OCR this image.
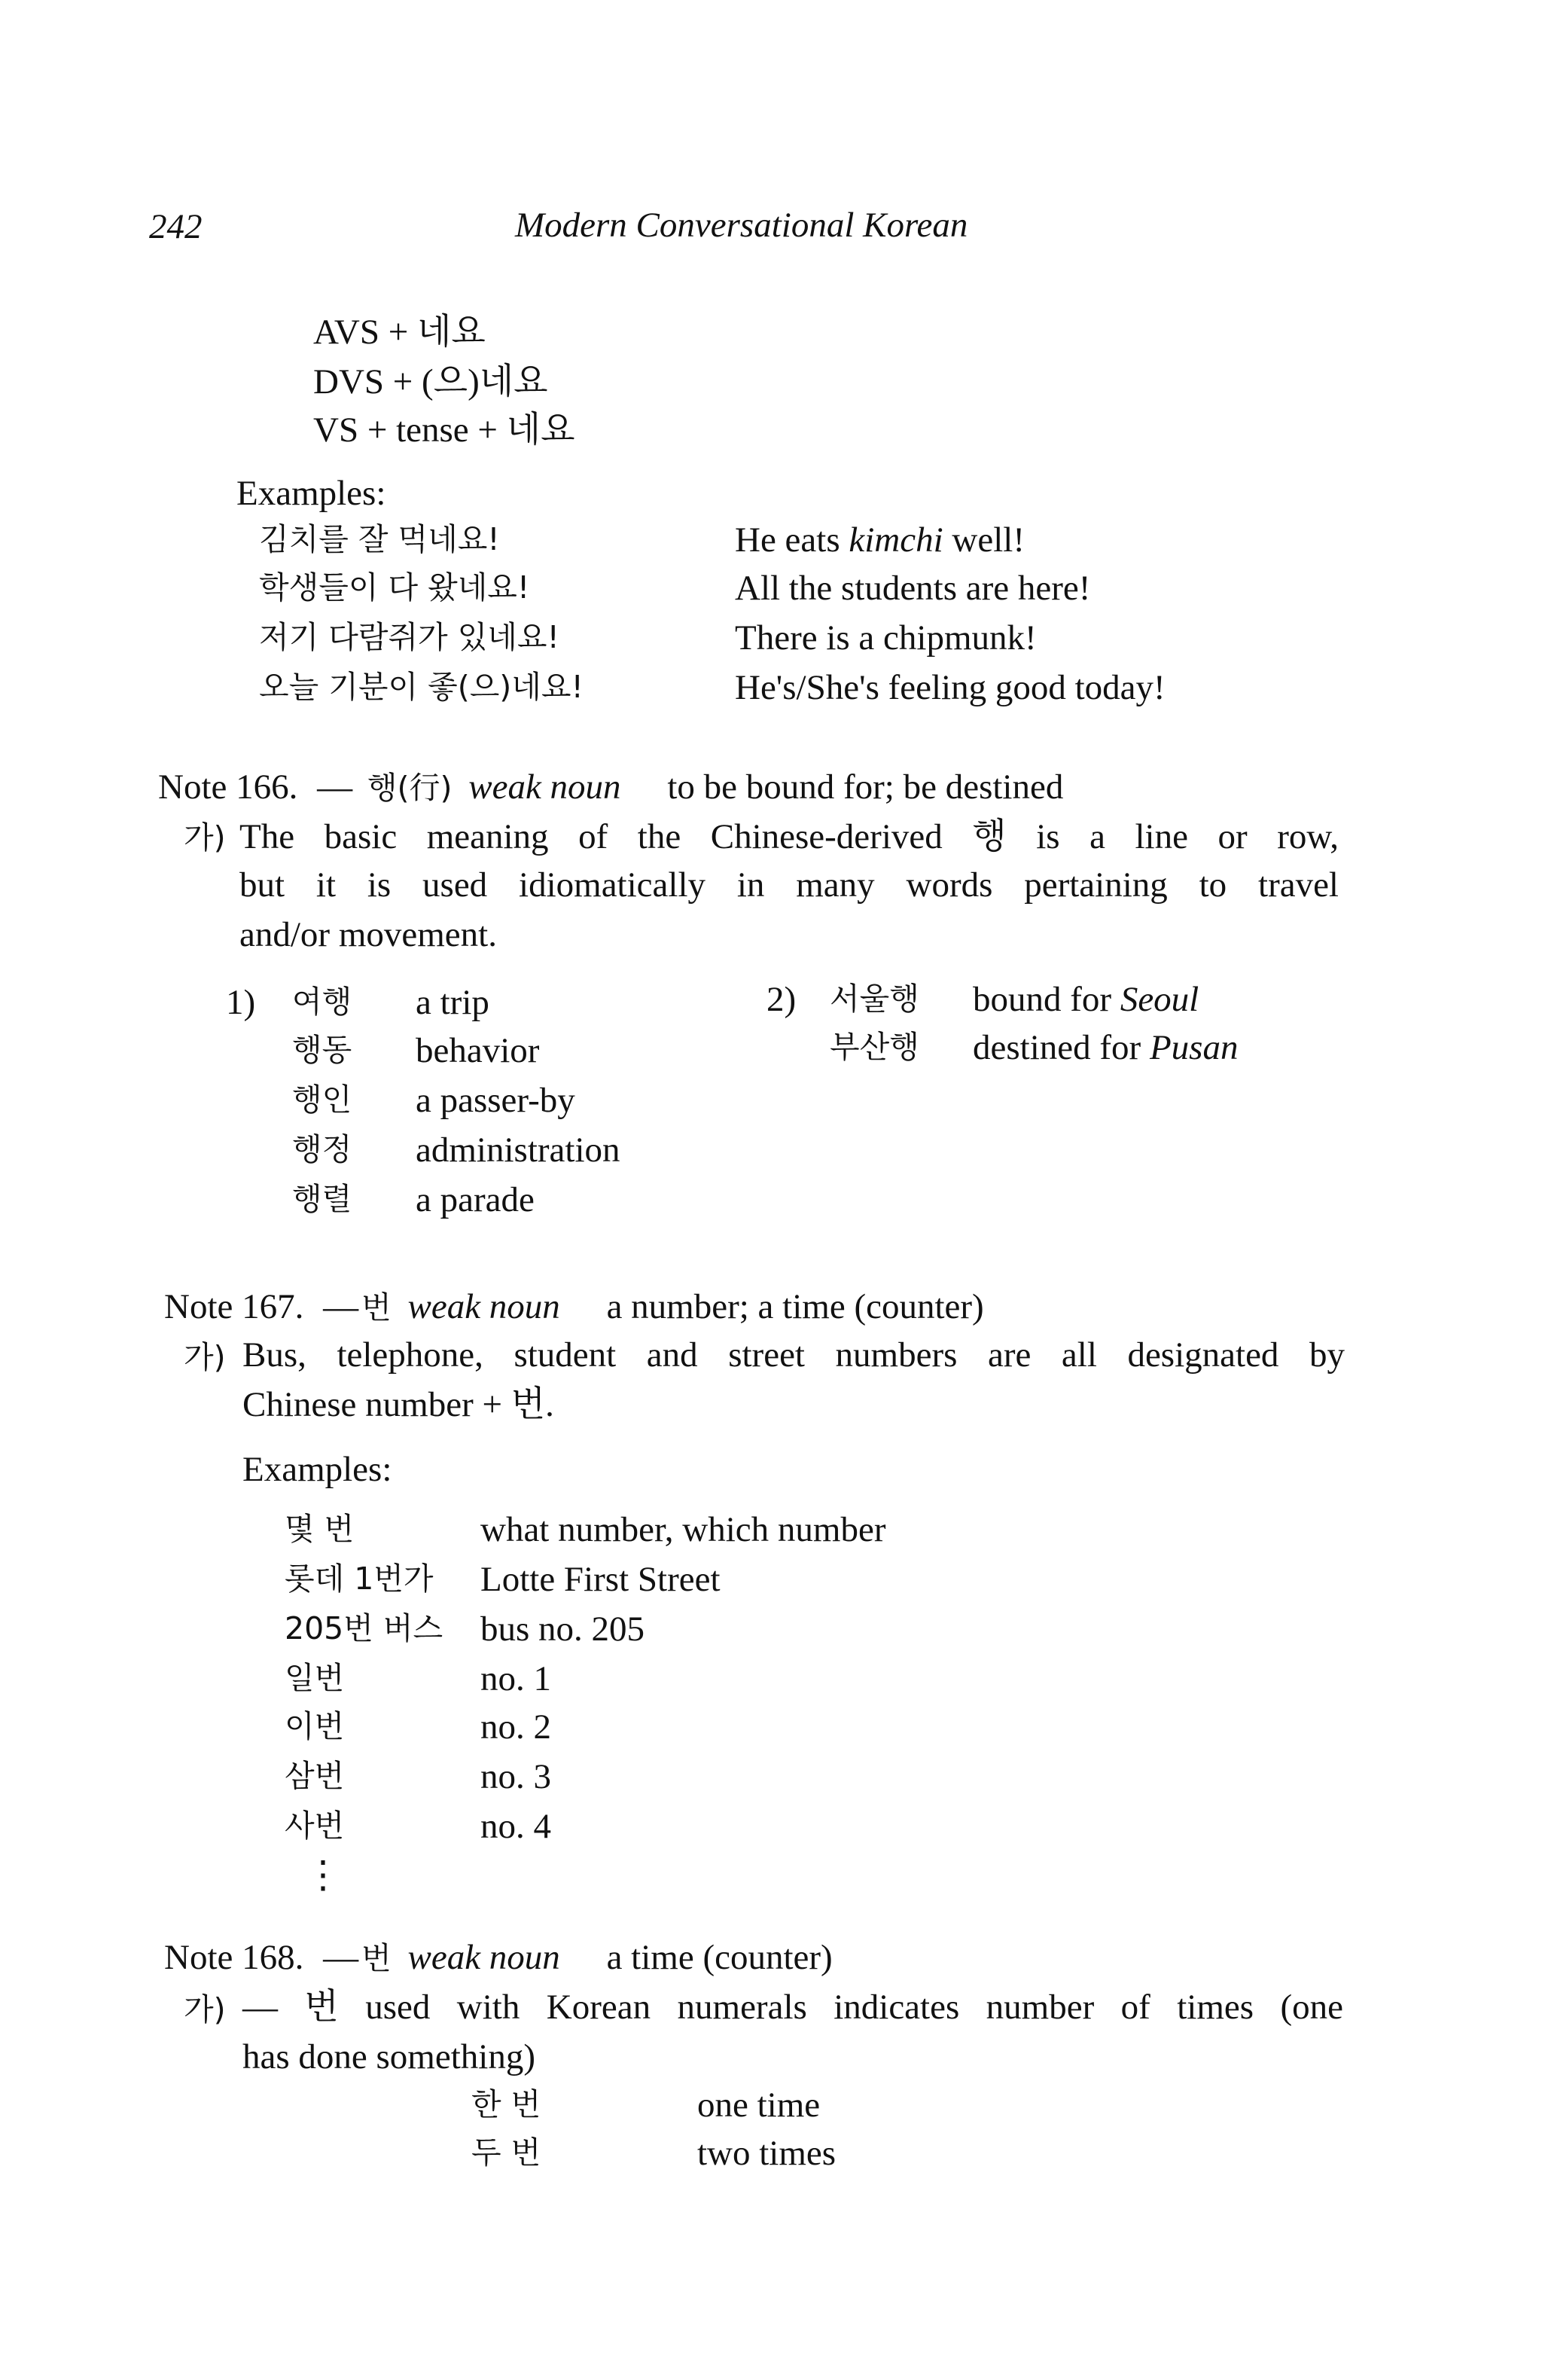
242	Modern Conversational Korean
AVS + 네요
DVS + (으)네요
VS + tense + 네요
Examples:
김치를 잘 먹네요!	He eats kimchi well!
학생들이 다 왔네요!	All the students are here!
저기 다람쥐가 있네요!	There is a chipmunk!
오늘 기분이 좋(으)네요!	He's/She's feeling good today!
Note 166. — 행(行) weak noun to be bound for; be destined
가) The basic meaning of the Chinese-derived 행 is a line or row,
but it is used idiomatically in many words pertaining to travel
and/or movement.
1) 여행 a trip
행동 behavior
행인 a passer-by
행정 administration
행렬 a parade
2) 서울행 bound for Seoul
부산행 destined for Pusan
Note 167. —번 weak noun a number; a time (counter)
가) Bus, telephone, student and street numbers are all designated by
Chinese number + 번.
Examples:
몇 번	what number, which number
롯데 1번가 Lotte First Street
205번 버스 bus no. 205
일번	no. 1
이번	no. 2
삼번	no. 3
사번	no. 4
⋮
Note 168. —번 weak noun a time (counter)
가) — 번 used with Korean numerals indicates number of times (one
has done something)
한 번	one time
두 번	two times
